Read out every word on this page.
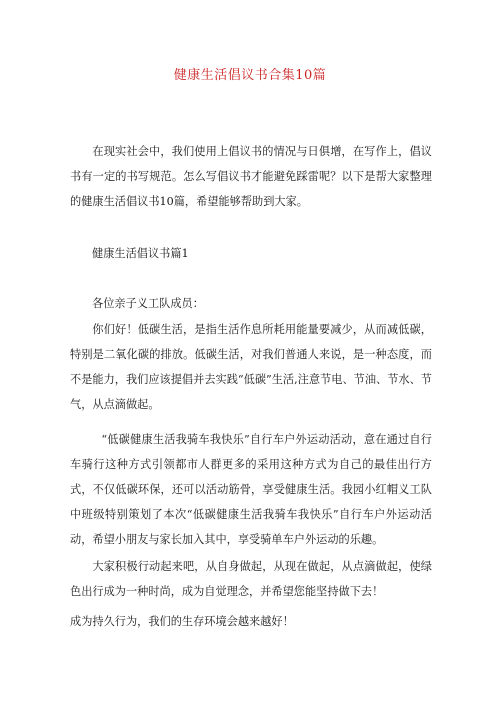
健康生活倡议书合集10篇

在现实社会中，我们使用上倡议书的情况与日俱增，在写作上，倡议书有一定的书写规范。怎么写倡议书才能避免踩雷呢？以下是帮大家整理的健康生活倡议书10篇，希望能够帮助到大家。

健康生活倡议书篇1

各位亲子义工队成员：

你们好！低碳生活，是指生活作息所耗用能量要减少，从而减低碳，特别是二氧化碳的排放。低碳生活，对我们普通人来说，是一种态度，而不是能力，我们应该提倡并去实践“低碳”生活,注意节电、节油、节水、节气，从点滴做起。

“低碳健康生活我骑车我快乐”自行车户外运动活动，意在通过自行车骑行这种方式引领都市人群更多的采用这种方式为自己的最佳出行方式，不仅低碳环保，还可以活动筋骨，享受健康生活。我园小红帽义工队中班级特别策划了本次“低碳健康生活我骑车我快乐”自行车户外运动活动，希望小朋友与家长加入其中，享受骑单车户外运动的乐趣。

大家积极行动起来吧，从自身做起，从现在做起，从点滴做起，使绿色出行成为一种时尚，成为自觉理念，并希望您能坚持做下去！

成为持久行为，我们的生存环境会越来越好！
